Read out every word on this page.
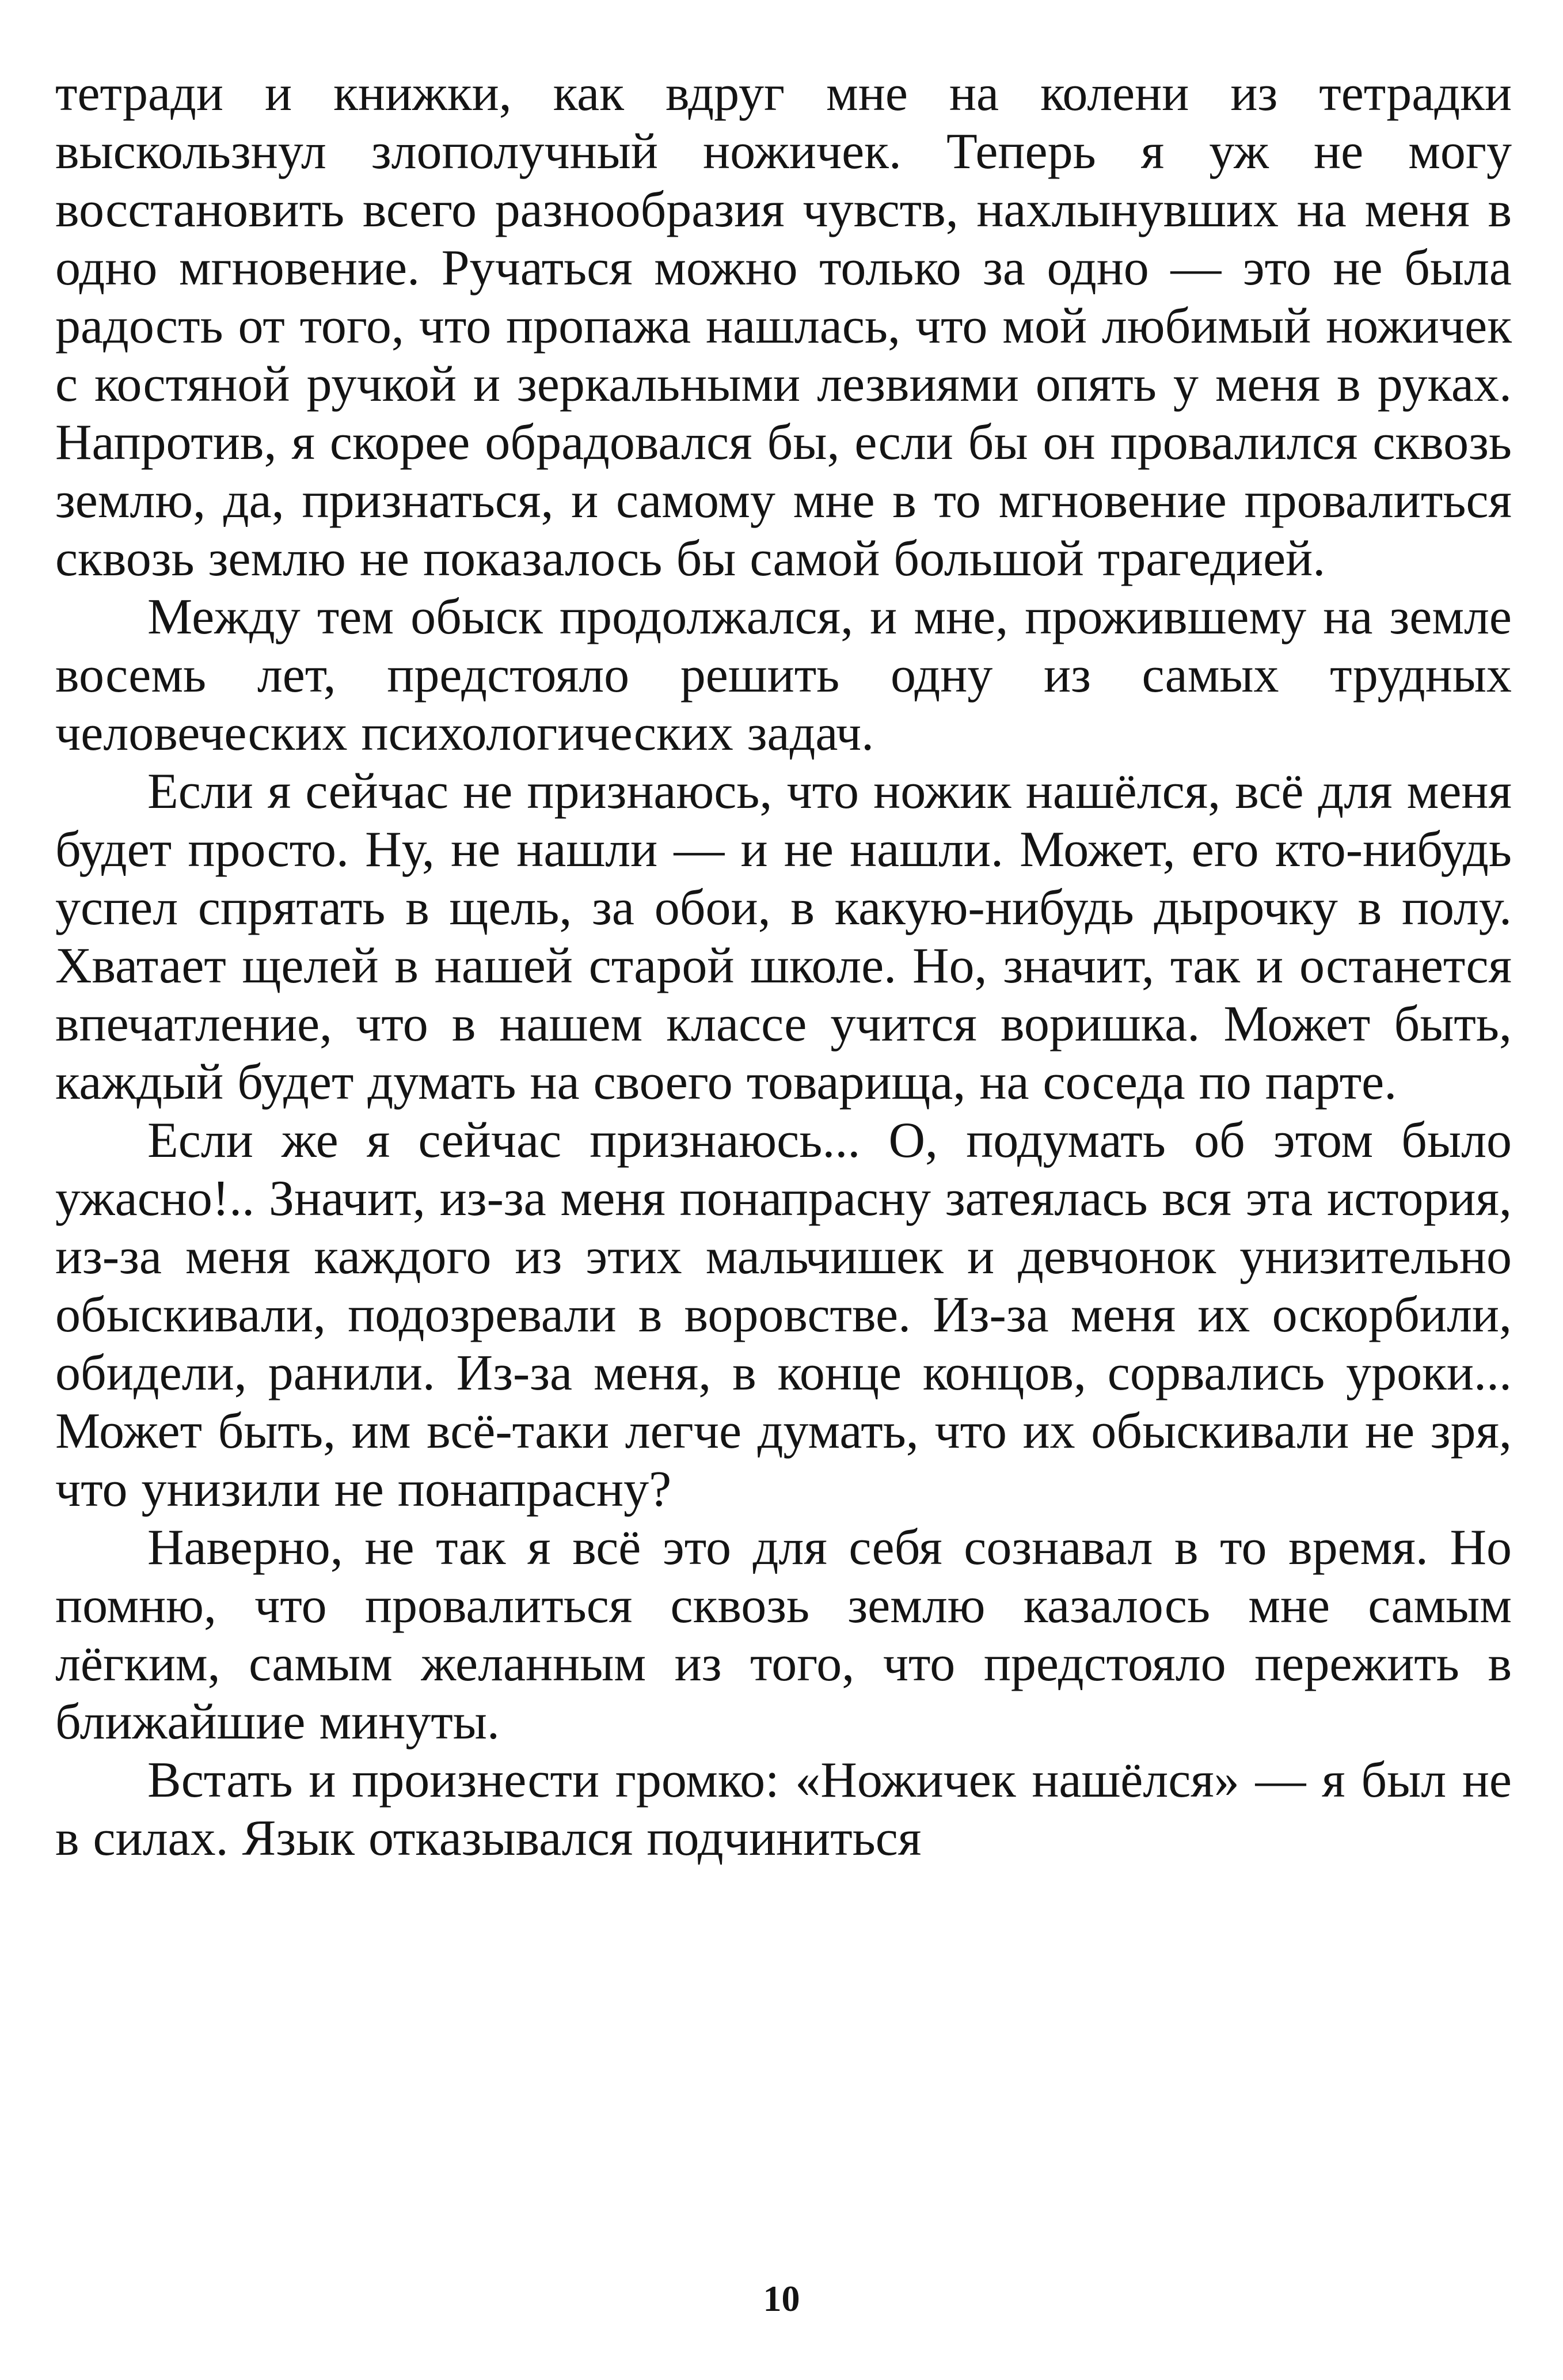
тетради и книжки, как вдруг мне на колени из тетрадки выскользнул злополучный ножичек. Теперь я уж не могу восстановить всего разнообразия чувств, нахлынувших на меня в одно мгновение. Ручаться можно только за одно — это не была радость от того, что пропажа нашлась, что мой любимый ножичек с костяной ручкой и зеркальными лезвиями опять у меня в руках. Напротив, я скорее обрадовался бы, если бы он провалился сквозь землю, да, признаться, и самому мне в то мгновение провалиться сквозь землю не показалось бы самой большой трагедией.

Между тем обыск продолжался, и мне, прожившему на земле восемь лет, предстояло решить одну из самых трудных человеческих психологических задач.

Если я сейчас не признаюсь, что ножик нашёлся, всё для меня будет просто. Ну, не нашли — и не нашли. Может, его кто-нибудь успел спрятать в щель, за обои, в какую-нибудь дырочку в полу. Хватает щелей в нашей старой школе. Но, значит, так и останется впечатление, что в нашем классе учится воришка. Может быть, каждый будет думать на своего товарища, на соседа по парте.

Если же я сейчас признаюсь... О, подумать об этом было ужасно!.. Значит, из-за меня понапрасну затеялась вся эта история, из-за меня каждого из этих мальчишек и девчонок унизительно обыскивали, подозревали в воровстве. Из-за меня их оскорбили, обидели, ранили. Из-за меня, в конце концов, сорвались уроки... Может быть, им всё-таки легче думать, что их обыскивали не зря, что унизили не понапрасну?

Наверно, не так я всё это для себя сознавал в то время. Но помню, что провалиться сквозь землю казалось мне самым лёгким, самым желанным из того, что предстояло пережить в ближайшие минуты.

Встать и произнести громко: «Ножичек нашёлся» — я был не в силах. Язык отказывался подчиниться

10
